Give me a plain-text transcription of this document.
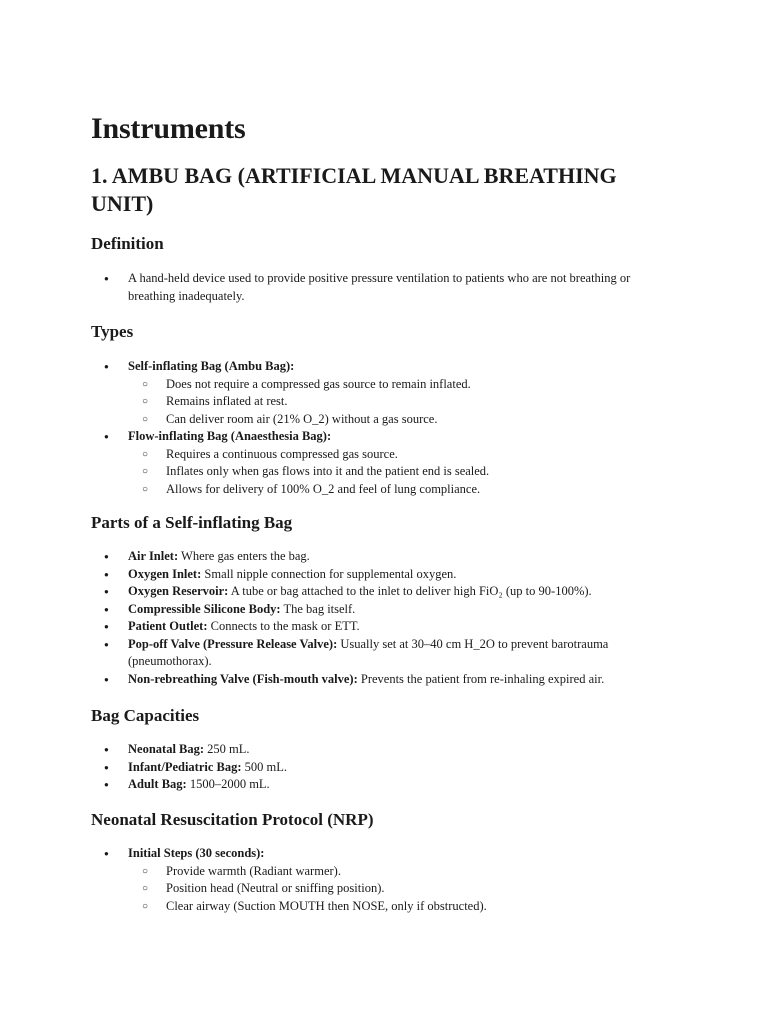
Instruments
1. AMBU BAG (ARTIFICIAL MANUAL BREATHING UNIT)
Definition
● A hand-held device used to provide positive pressure ventilation to patients who are not breathing or breathing inadequately.
Types
● Self-inflating Bag (Ambu Bag):
○ Does not require a compressed gas source to remain inflated.
○ Remains inflated at rest.
○ Can deliver room air (21% O_2) without a gas source.
● Flow-inflating Bag (Anaesthesia Bag):
○ Requires a continuous compressed gas source.
○ Inflates only when gas flows into it and the patient end is sealed.
○ Allows for delivery of 100% O_2 and feel of lung compliance.
Parts of a Self-inflating Bag
● Air Inlet: Where gas enters the bag.
● Oxygen Inlet: Small nipple connection for supplemental oxygen.
● Oxygen Reservoir: A tube or bag attached to the inlet to deliver high FiO₂ (up to 90-100%).
● Compressible Silicone Body: The bag itself.
● Patient Outlet: Connects to the mask or ETT.
● Pop-off Valve (Pressure Release Valve): Usually set at 30–40 cm H_2O to prevent barotrauma (pneumothorax).
● Non-rebreathing Valve (Fish-mouth valve): Prevents the patient from re-inhaling expired air.
Bag Capacities
● Neonatal Bag: 250 mL.
● Infant/Pediatric Bag: 500 mL.
● Adult Bag: 1500–2000 mL.
Neonatal Resuscitation Protocol (NRP)
● Initial Steps (30 seconds):
○ Provide warmth (Radiant warmer).
○ Position head (Neutral or sniffing position).
○ Clear airway (Suction MOUTH then NOSE, only if obstructed).
